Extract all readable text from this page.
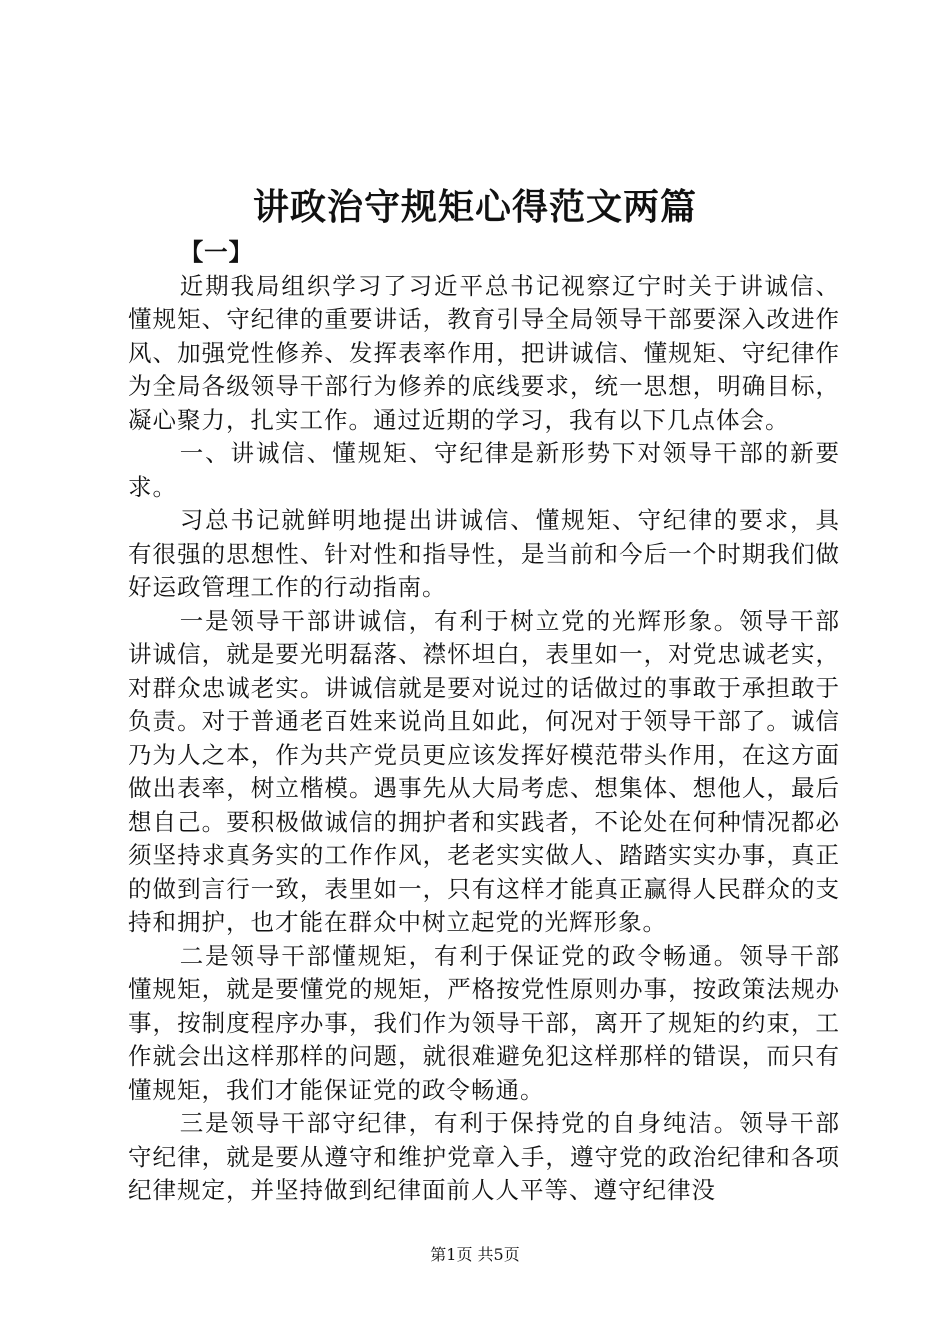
讲政治守规矩心得范文两篇

【一】

近期我局组织学习了习近平总书记视察辽宁时关于讲诚信、懂规矩、守纪律的重要讲话，教育引导全局领导干部要深入改进作风、加强党性修养、发挥表率作用，把讲诚信、懂规矩、守纪律作为全局各级领导干部行为修养的底线要求，统一思想，明确目标，凝心聚力，扎实工作。通过近期的学习，我有以下几点体会。

一、讲诚信、懂规矩、守纪律是新形势下对领导干部的新要求。

习总书记就鲜明地提出讲诚信、懂规矩、守纪律的要求，具有很强的思想性、针对性和指导性，是当前和今后一个时期我们做好运政管理工作的行动指南。

一是领导干部讲诚信，有利于树立党的光辉形象。领导干部讲诚信，就是要光明磊落、襟怀坦白，表里如一，对党忠诚老实，对群众忠诚老实。讲诚信就是要对说过的话做过的事敢于承担敢于负责。对于普通老百姓来说尚且如此，何况对于领导干部了。诚信乃为人之本，作为共产党员更应该发挥好模范带头作用，在这方面做出表率，树立楷模。遇事先从大局考虑、想集体、想他人，最后想自己。要积极做诚信的拥护者和实践者，不论处在何种情况都必须坚持求真务实的工作作风，老老实实做人、踏踏实实办事，真正的做到言行一致，表里如一，只有这样才能真正赢得人民群众的支持和拥护，也才能在群众中树立起党的光辉形象。

二是领导干部懂规矩，有利于保证党的政令畅通。领导干部懂规矩，就是要懂党的规矩，严格按党性原则办事，按政策法规办事，按制度程序办事，我们作为领导干部，离开了规矩的约束，工作就会出这样那样的问题，就很难避免犯这样那样的错误，而只有懂规矩，我们才能保证党的政令畅通。

三是领导干部守纪律，有利于保持党的自身纯洁。领导干部守纪律，就是要从遵守和维护党章入手，遵守党的政治纪律和各项纪律规定，并坚持做到纪律面前人人平等、遵守纪律没

第1页 共5页
